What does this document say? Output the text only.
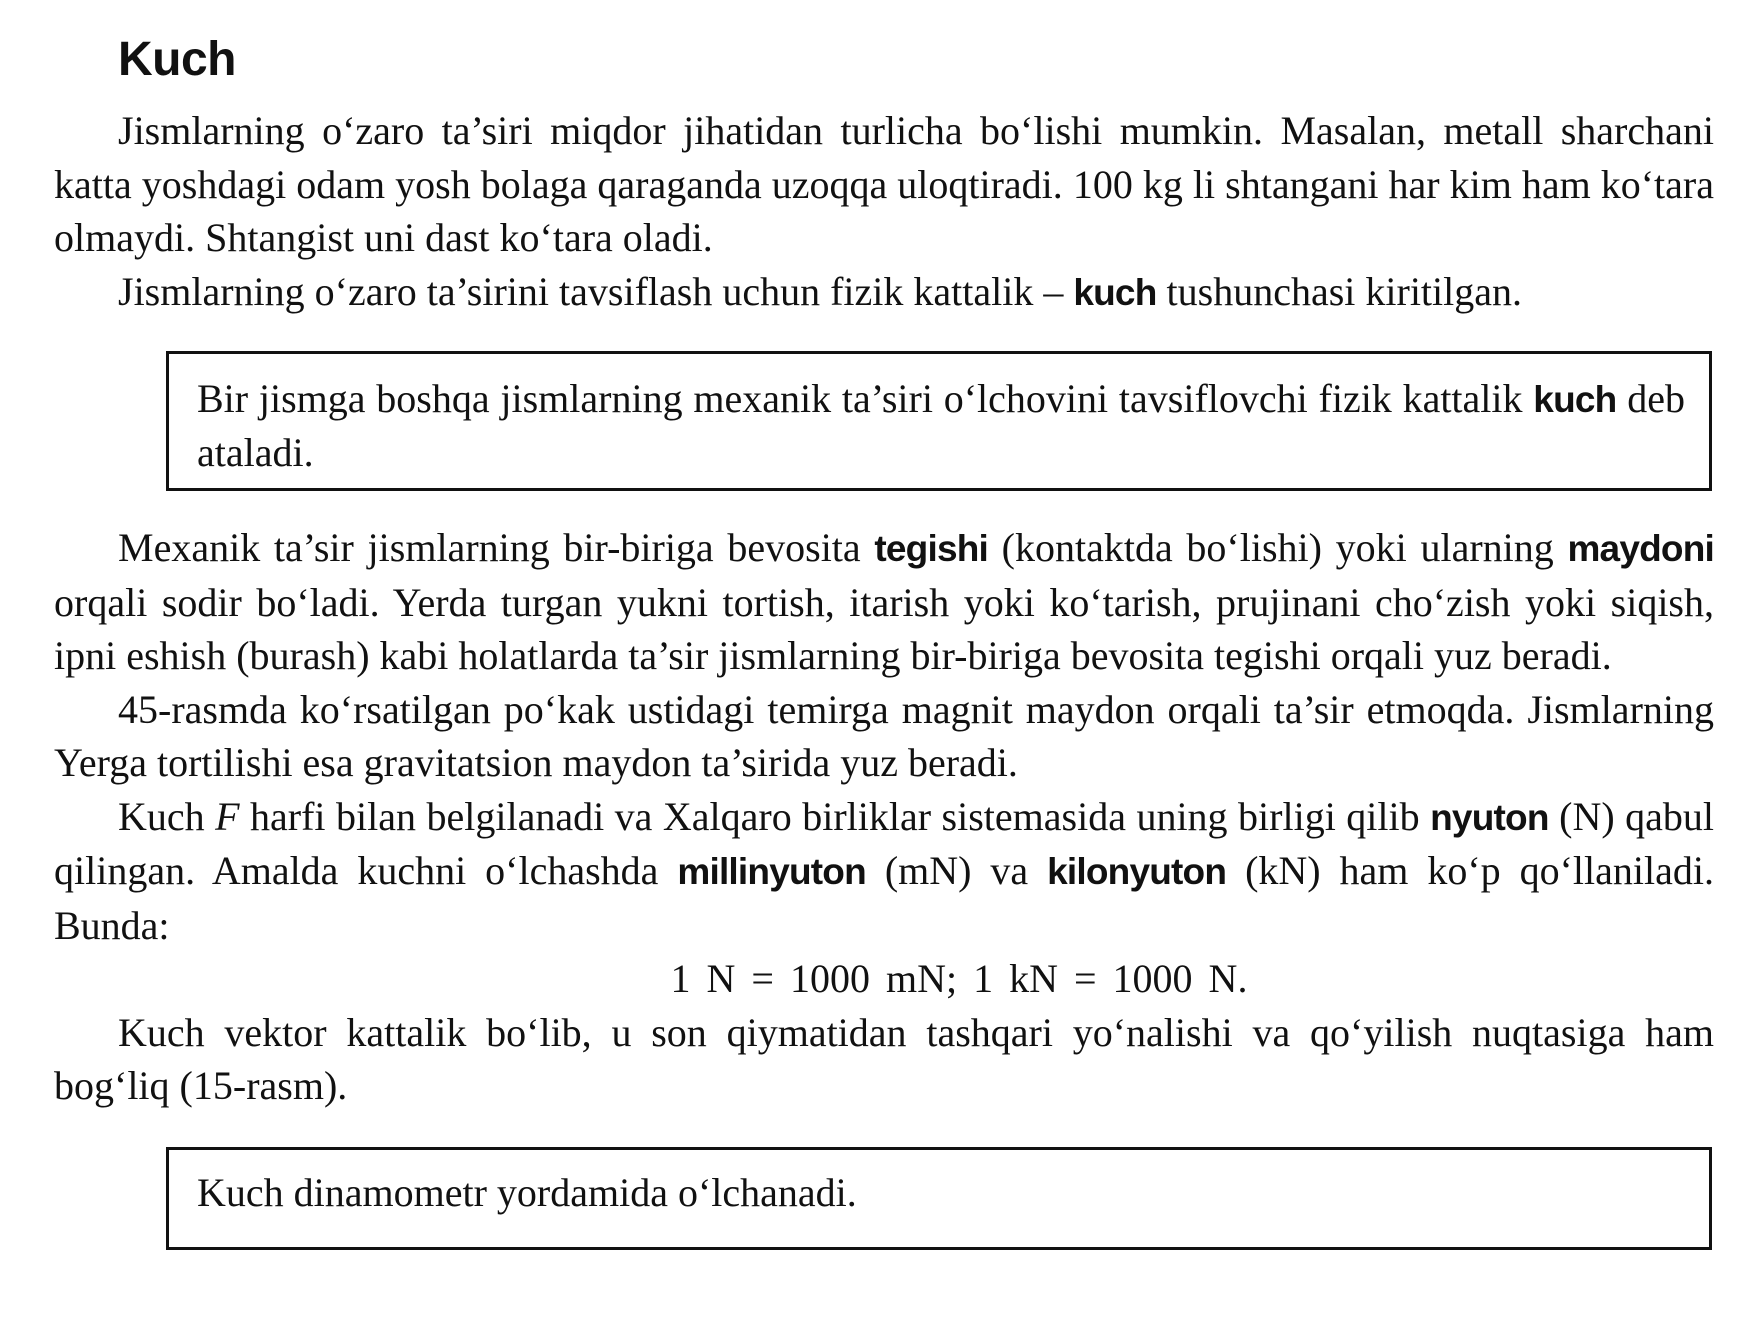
Kuch

Jismlarning o‘zaro ta’siri miqdor jihatidan turlicha bo‘lishi mumkin. Masalan, metall sharchani katta yoshdagi odam yosh bolaga qaraganda uzoqqa uloqtiradi. 100 kg li shtangani har kim ham ko‘tara olmaydi. Shtangist uni dast ko‘tara oladi.

Jismlarning o‘zaro ta’sirini tavsiflash uchun fizik kattalik – kuch tushunchasi kiritilgan.

Bir jismga boshqa jismlarning mexanik ta’siri o‘lchovini tavsiflovchi fizik kattalik kuch deb ataladi.

Mexanik ta’sir jismlarning bir-biriga bevosita tegishi (kontaktda bo‘lishi) yoki ularning maydoni orqali sodir bo‘ladi. Yerda turgan yukni tortish, itarish yoki ko‘tarish, prujinani cho‘zish yoki siqish, ipni eshish (burash) kabi holatlarda ta’sir jismlarning bir-biriga bevosita tegishi orqali yuz beradi.

45-rasmda ko‘rsatilgan po‘kak ustidagi temirga magnit maydon orqali ta’sir etmoqda. Jismlarning Yerga tortilishi esa gravitatsion maydon ta’sirida yuz beradi.

Kuch F harfi bilan belgilanadi va Xalqaro birliklar sistemasida uning birligi qilib nyuton (N) qabul qilingan. Amalda kuchni o‘lchashda millinyuton (mN) va kilonyuton (kN) ham ko‘p qo‘llaniladi. Bunda:

1 N = 1000 mN; 1 kN = 1000 N.

Kuch vektor kattalik bo‘lib, u son qiymatidan tashqari yo‘nalishi va qo‘yilish nuqtasiga ham bog‘liq (15-rasm).

Kuch dinamometr yordamida o‘lchanadi.
